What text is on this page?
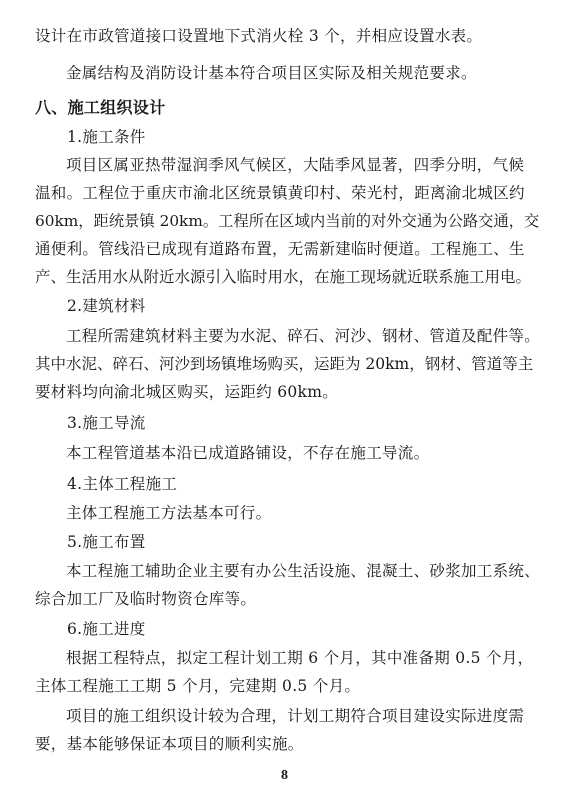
设计在市政管道接口设置地下式消火栓 3 个，并相应设置水表。
金属结构及消防设计基本符合项目区实际及相关规范要求。
八、施工组织设计
1.施工条件
项目区属亚热带湿润季风气候区，大陆季风显著，四季分明，气候
温和。工程位于重庆市渝北区统景镇黄印村、荣光村，距离渝北城区约
60km，距统景镇 20km。工程所在区域内当前的对外交通为公路交通，交
通便利。管线沿已成现有道路布置，无需新建临时便道。工程施工、生
产、生活用水从附近水源引入临时用水，在施工现场就近联系施工用电。
2.建筑材料
工程所需建筑材料主要为水泥、碎石、河沙、钢材、管道及配件等。
其中水泥、碎石、河沙到场镇堆场购买，运距为 20km，钢材、管道等主
要材料均向渝北城区购买，运距约 60km。
3.施工导流
本工程管道基本沿已成道路铺设，不存在施工导流。
4.主体工程施工
主体工程施工方法基本可行。
5.施工布置
本工程施工辅助企业主要有办公生活设施、混凝土、砂浆加工系统、
综合加工厂及临时物资仓库等。
6.施工进度
根据工程特点，拟定工程计划工期 6 个月，其中准备期 0.5 个月，
主体工程施工工期 5 个月，完建期 0.5 个月。
项目的施工组织设计较为合理，计划工期符合项目建设实际进度需
要，基本能够保证本项目的顺利实施。
8
